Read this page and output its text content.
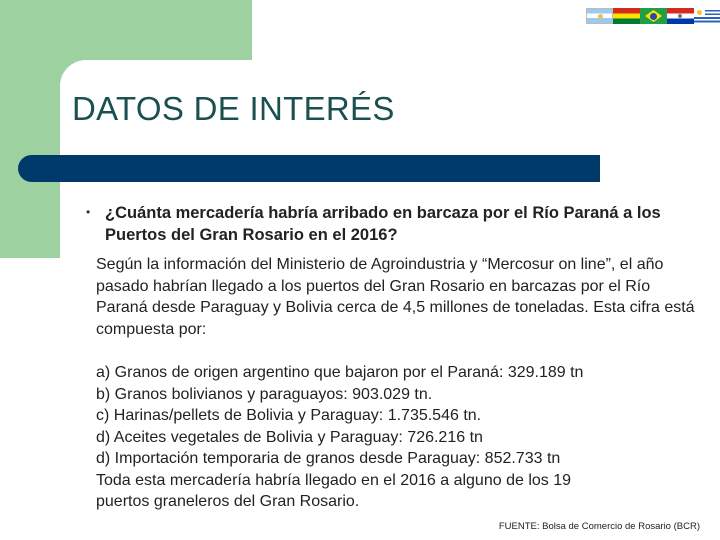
DATOS DE INTERÉS
• ¿Cuánta mercadería habría arribado en barcaza por el Río Paraná a los Puertos del Gran Rosario en el 2016?

Según la información del Ministerio de Agroindustria y “Mercosur on line”, el año pasado habrían llegado a los puertos del Gran Rosario en barcazas por el Río Paraná desde Paraguay y Bolivia cerca de 4,5 millones de toneladas. Esta cifra está compuesta por:

a) Granos de origen argentino que bajaron por el Paraná: 329.189 tn
b) Granos bolivianos y paraguayos: 903.029 tn.
c) Harinas/pellets de Bolivia y Paraguay: 1.735.546 tn.
d) Aceites vegetales de Bolivia y Paraguay: 726.216 tn
d) Importación temporaria de granos desde Paraguay: 852.733 tn
Toda esta mercadería habría llegado en el 2016 a alguno de los 19
puertos graneleros del Gran Rosario.

FUENTE: Bolsa de Comercio de Rosario (BCR)
